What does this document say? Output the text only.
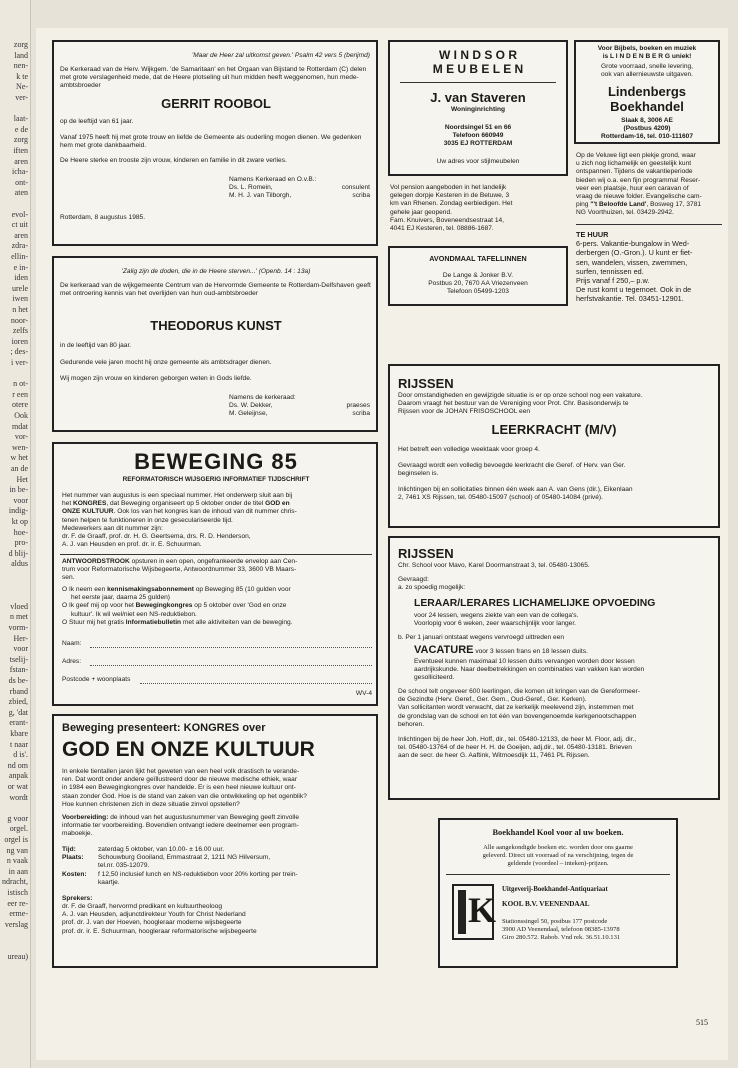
zorg
land
nen-
k te
Ne-
ver-
laat-
e de
zorg
iften
aren
icha-
ont-
aten
evol-
ct uit
aren
zdra-
ellin-
e in-
iden
urele
iwen
n het
noor-
zelfs
ioren
; des-
i ver-
n ot-
r een
otere
Ook
mdat
vor-
wen-
w het
an de
Het
in be-
voor
indig-
kt op
hoe-
pro-
d blij-
aldus
vloed
n met
vorm-
Her-
voor
tselij-
fstan-
ds be-
rband
zbied,
g, 'dat
erant-
kbare
t naar
d is'.
nd om
anpak
or wat
wordt
g voor
orgel.
orgel is
ng van
n vaak
in aan
ndracht,
istisch
eer re-
erme-
verslag
ureau)
'Maar de Heer zal uitkomst geven.' Psalm 42 vers 5 (berijmd)
De Kerkeraad van de Herv. Wijkgem. 'de Samaritaan' en het Orgaan van Bijstand te Rotterdam (C) delen met grote verslagenheid mede, dat de Heere plotseling uit hun midden heeft weggenomen, hun mede-ambtsbroeder
GERRIT ROOBOL
op de leeftijd van 61 jaar.
Vanaf 1975 heeft hij met grote trouw en liefde de Gemeente als ouderling mogen dienen. We gedenken hem met grote dankbaarheid.
De Heere sterke en trooste zijn vrouw, kinderen en familie in dit zware verlies.
Namens Kerkeraad en O.v.B.:
Ds. L. Romein,	consulent
M. H. J. van Tilborgh,	scriba
Rotterdam, 8 augustus 1985.
'Zalig zijn de doden, die in de Heere sterven...' (Openb. 14 : 13a)
De kerkeraad van de wijkgemeente Centrum van de Hervormde Gemeente te Rotterdam-Delfshaven geeft met ontroering kennis van het overlijden van hun oud-ambtsbroeder
THEODORUS KUNST
in de leeftijd van 80 jaar.
Gedurende vele jaren mocht hij onze gemeente als ambtsdrager dienen.
Wij mogen zijn vrouw en kinderen geborgen weten in Gods liefde.
Namens de kerkeraad:
Ds. W. Dekker,	praeses
M. Geleijnse,	scriba
BEWEGING 85
REFORMATORISCH WIJSGERIG INFORMATIEF TIJDSCHRIFT
Het nummer van augustus is een speciaal nummer. Het onderwerp sluit aan bij
het KONGRES, dat Beweging organiseert op 5 oktober onder de titel GOD en
ONZE KULTUUR. Ook los van het kongres kan de inhoud van dit nummer chris-
tenen helpen te funktioneren in onze geseculariseerde tijd.
Medewerkers aan dit nummer zijn:
dr. F. de Graaff, prof. dr. H. G. Geertsema, drs. R. D. Henderson,
A. J. van Heusden en prof. dr. ir. E. Schuurman.
ANTWOORDSTROOK opsturen in een open, ongefrankeerde envelop aan Cen-
trum voor Reformatorische Wijsbegeerte, Antwoordnummer 33, 3600 VB Maars-
sen.
O Ik neem een kennismakingsabonnement op Beweging 85 (10 gulden voor
het eerste jaar, daarna 25 gulden)
O Ik geef mij op voor het Bewegingkongres op 5 oktober over 'God en onze
kultuur'. Ik wil wel/niet een NS-reduktiebon.
O Stuur mij het gratis Informatiebulletin met alle aktiviteiten van de beweging.
Naam:
Adres:
Postcode + woonplaats
WV-4
Beweging presenteert: KONGRES over
GOD EN ONZE KULTUUR
In enkele tientallen jaren lijkt het geweten van een heel volk drastisch te verande-
ren. Dat wordt onder andere geïllustreerd door de nieuwe medische ethiek, waar
in 1984 een Bewegingkongres over handelde. Er is een heel nieuwe kultuur ont-
staan zonder God. Hoe is de stand van zaken van die ontwikkeling op het ogenblik?
Hoe kunnen christenen zich in deze situatie zinvol opstellen?
Voorbereiding: de inhoud van het augustusnummer van Beweging geeft zinvolle
informatie ter voorbereiding. Bovendien ontvangt iedere deelnemer een program-
maboekje.
Tijd:	zaterdag 5 oktober, van 10.00- ± 16.00 uur.
Plaats: Schouwburg Gooiland, Emmastraat 2, 1211 NG Hilversum,
tel.nr. 035-12079.
Kosten: f 12,50 inclusief lunch en NS-reduktiebon voor 20% korting per trein-
kaartje.
Sprekers:
dr. F. de Graaff, hervormd predikant en kultuurtheoloog
A. J. van Heusden, adjunctdirekteur Youth for Christ Nederland
prof. dr. J. van der Hoeven, hoogleraar moderne wijsbegeerte
prof. dr. ir. E. Schuurman, hoogleraar reformatorische wijsbegeerte
W I N D S O R
M E U B E L E N
J. van Staveren
Woninginrichting
Noordsingel 51 en 66
Telefoon 660949
3035 EJ ROTTERDAM
Uw adres voor stijlmeubelen
Vol pension aangeboden in het landelijk
gelegen dorpje Kesteren in de Betuwe, 3
km van Rhenen. Zondag eerbiedigen. Het
gehele jaar geopend.
Fam. Knuivers, Boveneendsestraat 14,
4041 EJ Kesteren, tel. 08886-1687.
AVONDMAAL TAFELLINNEN
De Lange & Jonker B.V.
Postbus 20, 7670 AA Vriezenveen
Telefoon 05499-1203
Voor Bijbels, boeken en muziek
is L I N D E N B E R G uniek!
Grote voorraad, snelle levering,
ook van allernieuwste uitgaven.
Lindenbergs
Boekhandel
Slaak 8, 3006 AE
(Postbus 4209)
Rotterdam-16, tel. 010-111607
Op de Veluwe ligt een plekje grond, waar
u zich nog lichamelijk en geestelijk kunt
ontspannen. Tijdens de vakantieperiode
bieden wij o.a. een fijn programma! Reser-
veer een plaatsje, huur een caravan of
vraag de nieuwe folder. Evangelische cam-
ping "'t Beloofde Land', Bosweg 17, 3781
NG Voorthuizen, tel. 03429-2942.
TE HUUR
6-pers. Vakantie-bungalow in Wed-
derbergen (O.-Gron.). U kunt er fiet-
sen, wandelen, vissen, zwemmen,
surfen, tennissen ed.
Prijs vanaf f 250,– p.w.
De rust komt u tegemoet. Ook in de
herfstvakantie. Tel. 03451-12901.
RIJSSEN
Door omstandigheden en gewijzigde situatie is er op onze school nog een vakature.
Daarom vraagt het bestuur van de Vereniging voor Prot. Chr. Basisonderwijs te
Rijssen voor de JOHAN FRISOSCHOOL een
LEERKRACHT (M/V)
Het betreft een volledige weektaak voor groep 4.
Gevraagd wordt een volledig bevoegde leerkracht die Geref. of Herv. van Ger.
beginselen is.
Inlichtingen bij en sollicitaties binnen één week aan A. van Gens (dir.), Eikenlaan
2, 7461 XS Rijssen, tel. 05480-15097 (school) of 05480-14084 (privé).
RIJSSEN
Chr. School voor Mavo, Karel Doormanstraat 3, tel. 05480-13065.
Gevraagd:
a. zo spoedig mogelijk:
LERAAR/LERARES LICHAMELIJKE OPVOEDING
voor 24 lessen, wegens ziekte van een van de collega's.
Voorlopig voor 6 weken, zeer waarschijnlijk voor langer.
b. Per 1 januari ontstaat wegens vervroegd uittreden een
VACATURE voor 3 lessen frans en 18 lessen duits.
Eventueel kunnen maximaal 10 lessen duits vervangen worden door lessen
aardrijkskunde. Naar deelbetrekkingen en combinaties van vakken kan worden
gesolliciteerd.
De school telt ongeveer 600 leerlingen, die komen uit kringen van de Gereformeer-
de Gezindte (Herv. Geref., Ger. Gem., Oud-Geref., Ger. Kerken).
Van sollicitanten wordt verwacht, dat ze kerkelijk meelevend zijn, instemmen met
de grondslag van de school en tot één van bovengenoemde kerkgenootschappen
behoren.
Inlichtingen bij de heer Joh. Hoff, dir., tel. 05480-12133, de heer M. Floor, adj. dir.,
tel. 05480-13764 of de heer H. H. de Goeijen, adj.dir., tel. 05480-13181. Brieven
aan de secr. de heer G. Aaftink, Witmoesdijk 11, 7461 PL Rijssen.
Boekhandel Kool voor al uw boeken.
Alle aangekondigde boeken etc. worden door ons gaarne
geleverd. Direct uit voorraad of na verschijning, tegen de
geldende (voordeel – inteken)-prijzen.
K
Uitgeverij-Boekhandel-Antiquariaat
KOOL B.V. VEENENDAAL
Stationssingel 50, postbus 177 postcode
3900 AD Veenendaal, telefoon 08385-13978
Giro 280.572. Rabob. Vnd rek. 36.51.10.131
515
